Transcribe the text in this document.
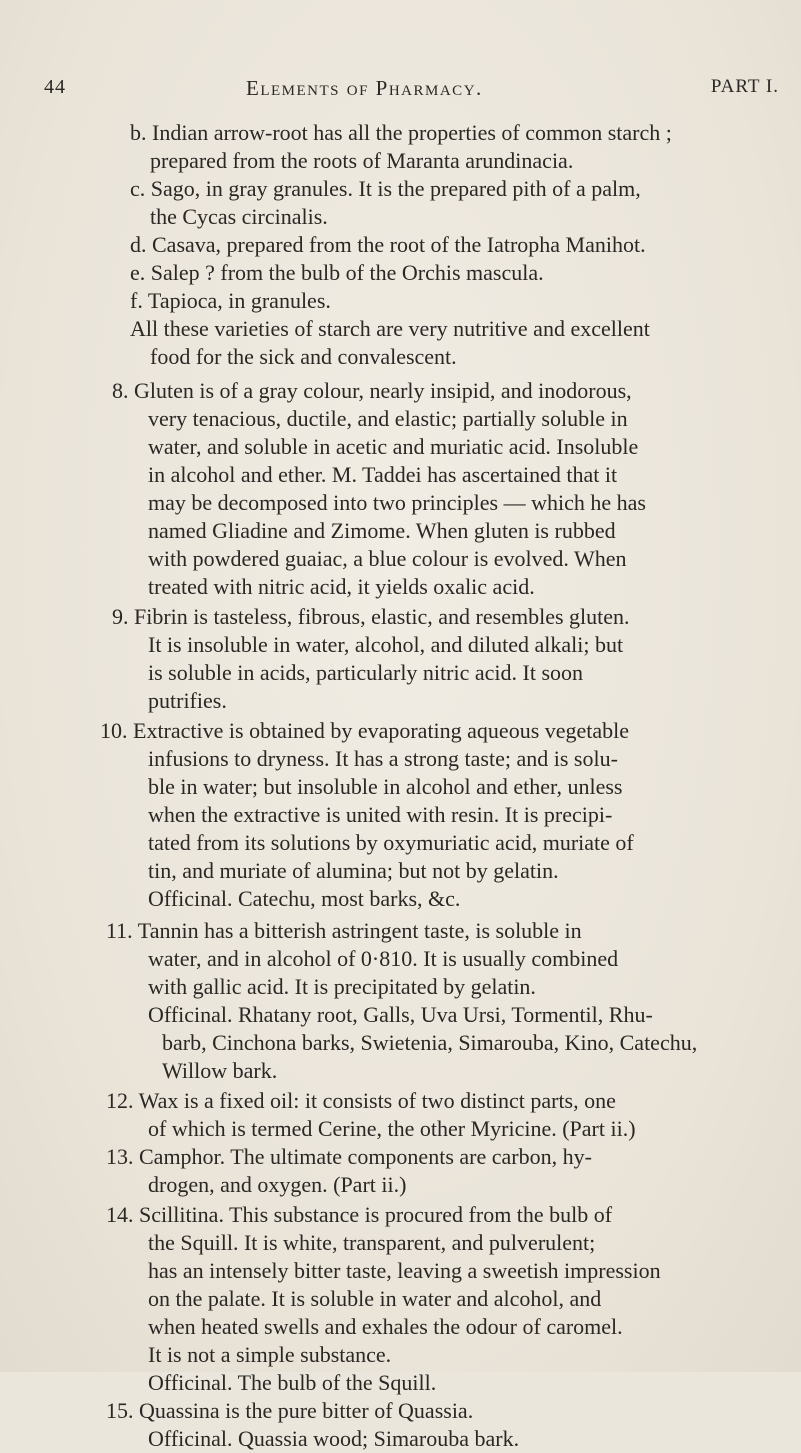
44	Elements of Pharmacy.	PART I.
b. Indian arrow-root has all the properties of common starch ;
prepared from the roots of Maranta arundinacia.
c. Sago, in gray granules. It is the prepared pith of a palm,
the Cycas circinalis.
d. Casava, prepared from the root of the Iatropha Manihot.
e. Salep ? from the bulb of the Orchis mascula.
f. Tapioca, in granules.
All these varieties of starch are very nutritive and excellent
food for the sick and convalescent.
8. Gluten is of a gray colour, nearly insipid, and inodorous,
very tenacious, ductile, and elastic; partially soluble in
water, and soluble in acetic and muriatic acid. Insoluble
in alcohol and ether. M. Taddei has ascertained that it
may be decomposed into two principles — which he has
named Gliadine and Zimome. When gluten is rubbed
with powdered guaiac, a blue colour is evolved. When
treated with nitric acid, it yields oxalic acid.
9. Fibrin is tasteless, fibrous, elastic, and resembles gluten.
It is insoluble in water, alcohol, and diluted alkali; but
is soluble in acids, particularly nitric acid. It soon
putrifies.
10. Extractive is obtained by evaporating aqueous vegetable
infusions to dryness. It has a strong taste; and is solu-
ble in water; but insoluble in alcohol and ether, unless
when the extractive is united with resin. It is precipi-
tated from its solutions by oxymuriatic acid, muriate of
tin, and muriate of alumina; but not by gelatin.
Officinal. Catechu, most barks, &c.
11. Tannin has a bitterish astringent taste, is soluble in
water, and in alcohol of 0·810. It is usually combined
with gallic acid. It is precipitated by gelatin.
Officinal. Rhatany root, Galls, Uva Ursi, Tormentil, Rhu-
barb, Cinchona barks, Swietenia, Simarouba, Kino, Catechu,
Willow bark.
12. Wax is a fixed oil: it consists of two distinct parts, one
of which is termed Cerine, the other Myricine. (Part ii.)
13. Camphor. The ultimate components are carbon, hy-
drogen, and oxygen. (Part ii.)
14. Scillitina. This substance is procured from the bulb of
the Squill. It is white, transparent, and pulverulent;
has an intensely bitter taste, leaving a sweetish impression
on the palate. It is soluble in water and alcohol, and
when heated swells and exhales the odour of caromel.
It is not a simple substance.
Officinal. The bulb of the Squill.
15. Quassina is the pure bitter of Quassia.
Officinal. Quassia wood; Simarouba bark.
